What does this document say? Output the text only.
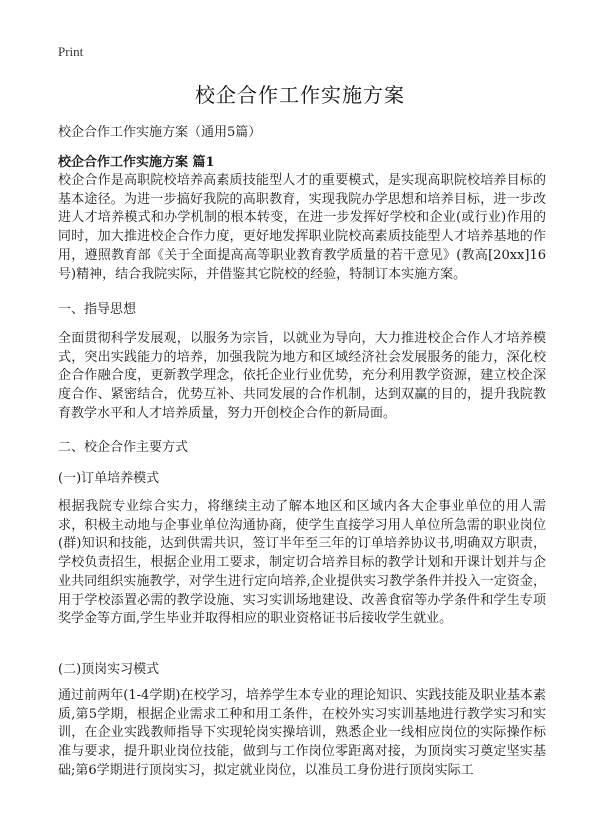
Print
校企合作工作实施方案
校企合作工作实施方案（通用5篇）
校企合作工作实施方案 篇1

校企合作是高职院校培养高素质技能型人才的重要模式，是实现高职院校培养目标的基本途径。为进一步搞好我院的高职教育，实现我院办学思想和培养目标，进一步改进人才培养模式和办学机制的根本转变，在进一步发挥好学校和企业(或行业)作用的同时，加大推进校企合作力度，更好地发挥职业院校高素质技能型人才培养基地的作用，遵照教育部《关于全面提高高等职业教育教学质量的若干意见》(教高[20xx]16号)精神，结合我院实际，并借鉴其它院校的经验，特制订本实施方案。

一、指导思想

全面贯彻科学发展观，以服务为宗旨，以就业为导向，大力推进校企合作人才培养模式，突出实践能力的培养，加强我院为地方和区域经济社会发展服务的能力，深化校企合作融合度，更新教学理念，依托企业行业优势，充分利用教学资源，建立校企深度合作、紧密结合，优势互补、共同发展的合作机制，达到双赢的目的，提升我院教育教学水平和人才培养质量，努力开创校企合作的新局面。

二、校企合作主要方式
(一)订单培养模式

根据我院专业综合实力，将继续主动了解本地区和区域内各大企事业单位的用人需求，积极主动地与企事业单位沟通协商，使学生直接学习用人单位所急需的职业岗位(群)知识和技能，达到供需共识，签订半年至三年的订单培养协议书,明确双方职责，学校负责招生，根据企业用工要求，制定切合培养目标的教学计划和开课计划并与企业共同组织实施教学，对学生进行定向培养,企业提供实习教学条件并投入一定资金，用于学校添置必需的教学设施、实习实训场地建设、改善食宿等办学条件和学生专项奖学金等方面,学生毕业并取得相应的职业资格证书后接收学生就业。

(二)顶岗实习模式

通过前两年(1-4学期)在校学习，培养学生本专业的理论知识、实践技能及职业基本素质,第5学期，根据企业需求工种和用工条件，在校外实习实训基地进行教学实习和实训，在企业实践教师指导下实现轮岗实操培训，熟悉企业一线相应岗位的实际操作标准与要求，提升职业岗位技能，做到与工作岗位零距离对接，为顶岗实习奠定坚实基础;第6学期进行顶岗实习，拟定就业岗位，以准员工身份进行顶岗实际工
